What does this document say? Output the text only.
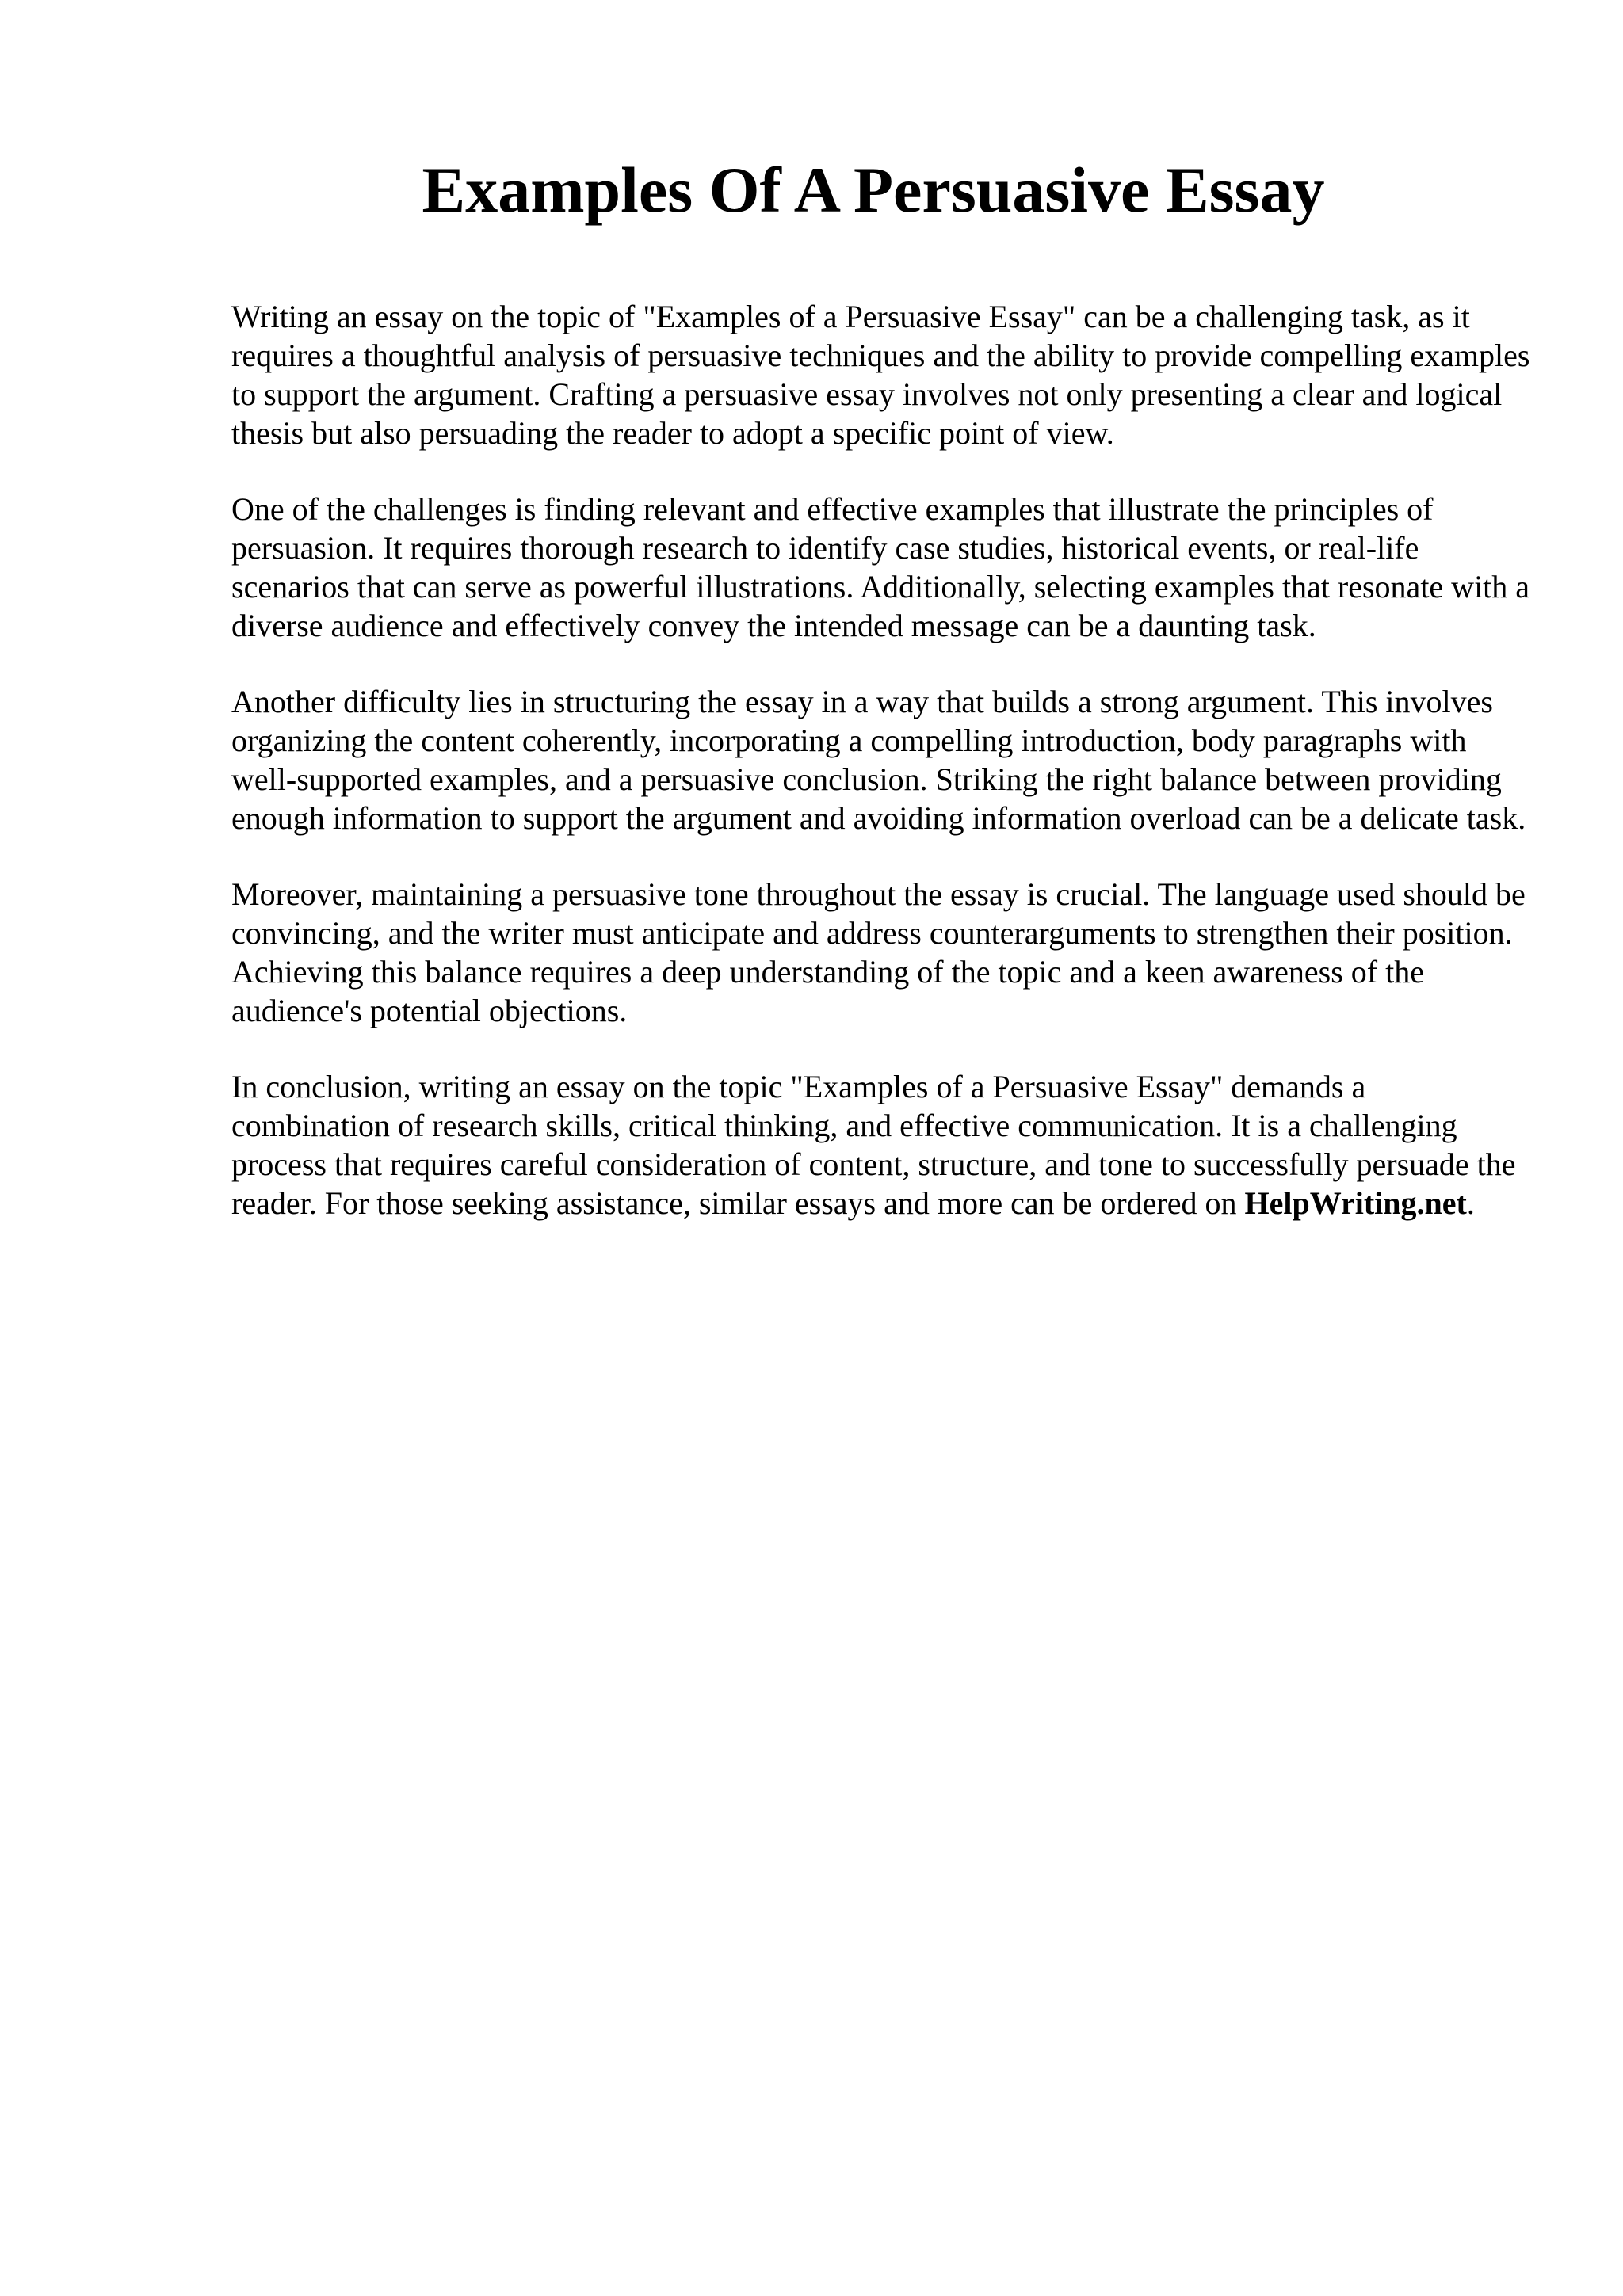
Examples Of A Persuasive Essay

Writing an essay on the topic of "Examples of a Persuasive Essay" can be a challenging task, as it requires a thoughtful analysis of persuasive techniques and the ability to provide compelling examples to support the argument. Crafting a persuasive essay involves not only presenting a clear and logical thesis but also persuading the reader to adopt a specific point of view.

One of the challenges is finding relevant and effective examples that illustrate the principles of persuasion. It requires thorough research to identify case studies, historical events, or real-life scenarios that can serve as powerful illustrations. Additionally, selecting examples that resonate with a diverse audience and effectively convey the intended message can be a daunting task.

Another difficulty lies in structuring the essay in a way that builds a strong argument. This involves organizing the content coherently, incorporating a compelling introduction, body paragraphs with well-supported examples, and a persuasive conclusion. Striking the right balance between providing enough information to support the argument and avoiding information overload can be a delicate task.

Moreover, maintaining a persuasive tone throughout the essay is crucial. The language used should be convincing, and the writer must anticipate and address counterarguments to strengthen their position. Achieving this balance requires a deep understanding of the topic and a keen awareness of the audience's potential objections.

In conclusion, writing an essay on the topic "Examples of a Persuasive Essay" demands a combination of research skills, critical thinking, and effective communication. It is a challenging process that requires careful consideration of content, structure, and tone to successfully persuade the reader. For those seeking assistance, similar essays and more can be ordered on HelpWriting.net.
